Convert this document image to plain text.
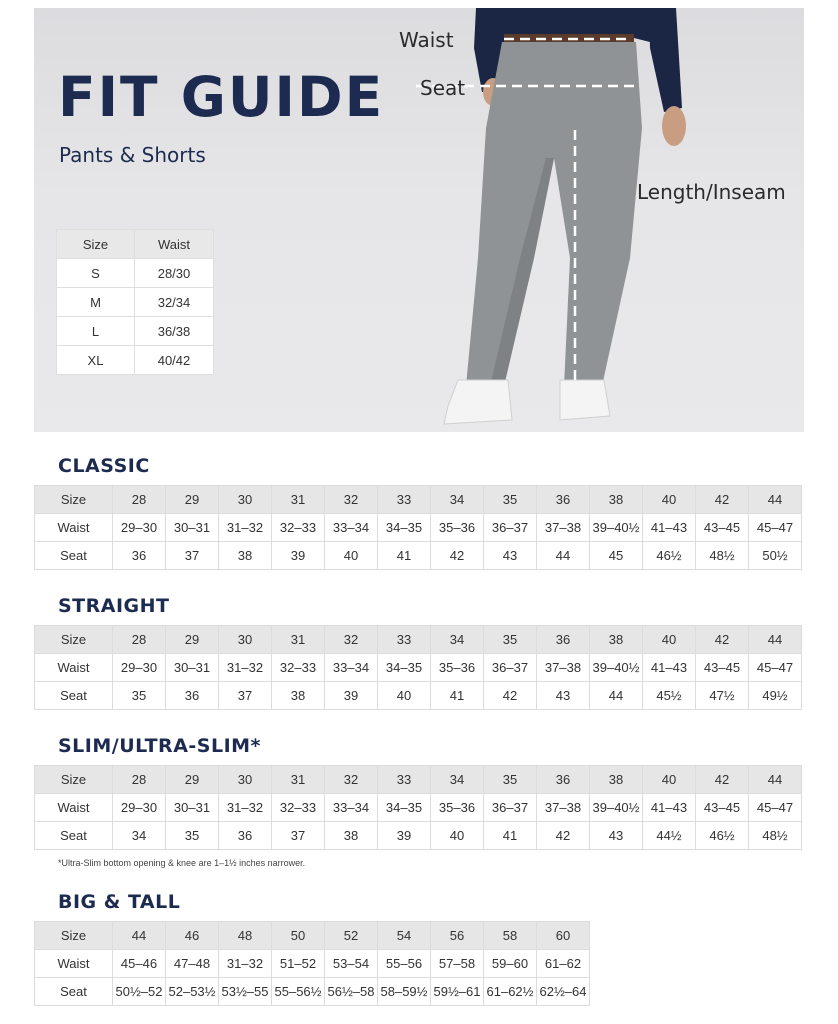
FIT GUIDE
Pants & Shorts
Waist
Seat
Length/Inseam
Size	Waist
S	28/30
M	32/34
L	36/38
XL	40/42
CLASSIC
STRAIGHT
SLIM/ULTRA-SLIM*
BIG & TALL
Size	28	29	30	31	32	33	34	35	36	38	40	42	44
Waist	29–30	30–31	31–32	32–33	33–34	34–35	35–36	36–37	37–38	39–40½	41–43	43–45	45–47
Seat	36	37	38	39	40	41	42	43	44	45	46½	48½	50½
Size	28	29	30	31	32	33	34	35	36	38	40	42	44
Waist	29–30	30–31	31–32	32–33	33–34	34–35	35–36	36–37	37–38	39–40½	41–43	43–45	45–47
Seat	35	36	37	38	39	40	41	42	43	44	45½	47½	49½
Size	28	29	30	31	32	33	34	35	36	38	40	42	44
Waist	29–30	30–31	31–32	32–33	33–34	34–35	35–36	36–37	37–38	39–40½	41–43	43–45	45–47
Seat	34	35	36	37	38	39	40	41	42	43	44½	46½	48½
Size	44	46	48	50	52	54	56	58	60
Waist	45–46	47–48	31–32	51–52	53–54	55–56	57–58	59–60	61–62
Seat	50½–52	52–53½	53½–55	55–56½	56½–58	58–59½	59½–61	61–62½	62½–64
*Ultra-Slim bottom opening & knee are 1–1½ inches narrower.
